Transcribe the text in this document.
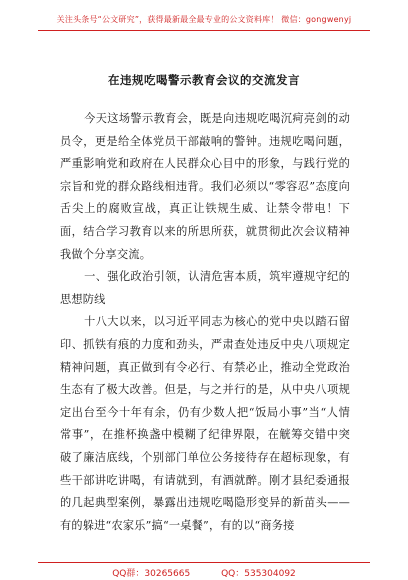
关注头条号“公文研究”，获得最新最全最专业的公文资料库！ 微信：gongwenyj
在违规吃喝警示教育会议的交流发言

今天这场警示教育会，既是向违规吃喝沉疴亮剑的动员令，更是给全体党员干部敲响的警钟。违规吃喝问题，严重影响党和政府在人民群众心目中的形象，与践行党的宗旨和党的群众路线相违背。我们必须以“零容忍”态度向舌尖上的腐败宣战，真正让铁规生威、让禁令带电！下面，结合学习教育以来的所思所获，就贯彻此次会议精神我做个分享交流。

一、强化政治引领，认清危害本质，筑牢遵规守纪的思想防线

十八大以来，以习近平同志为核心的党中央以踏石留印、抓铁有痕的力度和劲头，严肃查处违反中央八项规定精神问题，真正做到有令必行、有禁必止，推动全党政治生态有了极大改善。但是，与之并行的是，从中央八项规定出台至今十年有余，仍有少数人把“饭局小事”当“人情常事”，在推杯换盏中模糊了纪律界限，在觥筹交错中突破了廉洁底线，个别部门单位公务接待存在超标现象，有些干部讲吃讲喝，有请就到，有酒就醉。刚才县纪委通报的几起典型案例，暴露出违规吃喝隐形变异的新苗头——有的躲进“农家乐”搞“一桌餐”，有的以“商务接

QQ群：30265665	QQ：535304092
